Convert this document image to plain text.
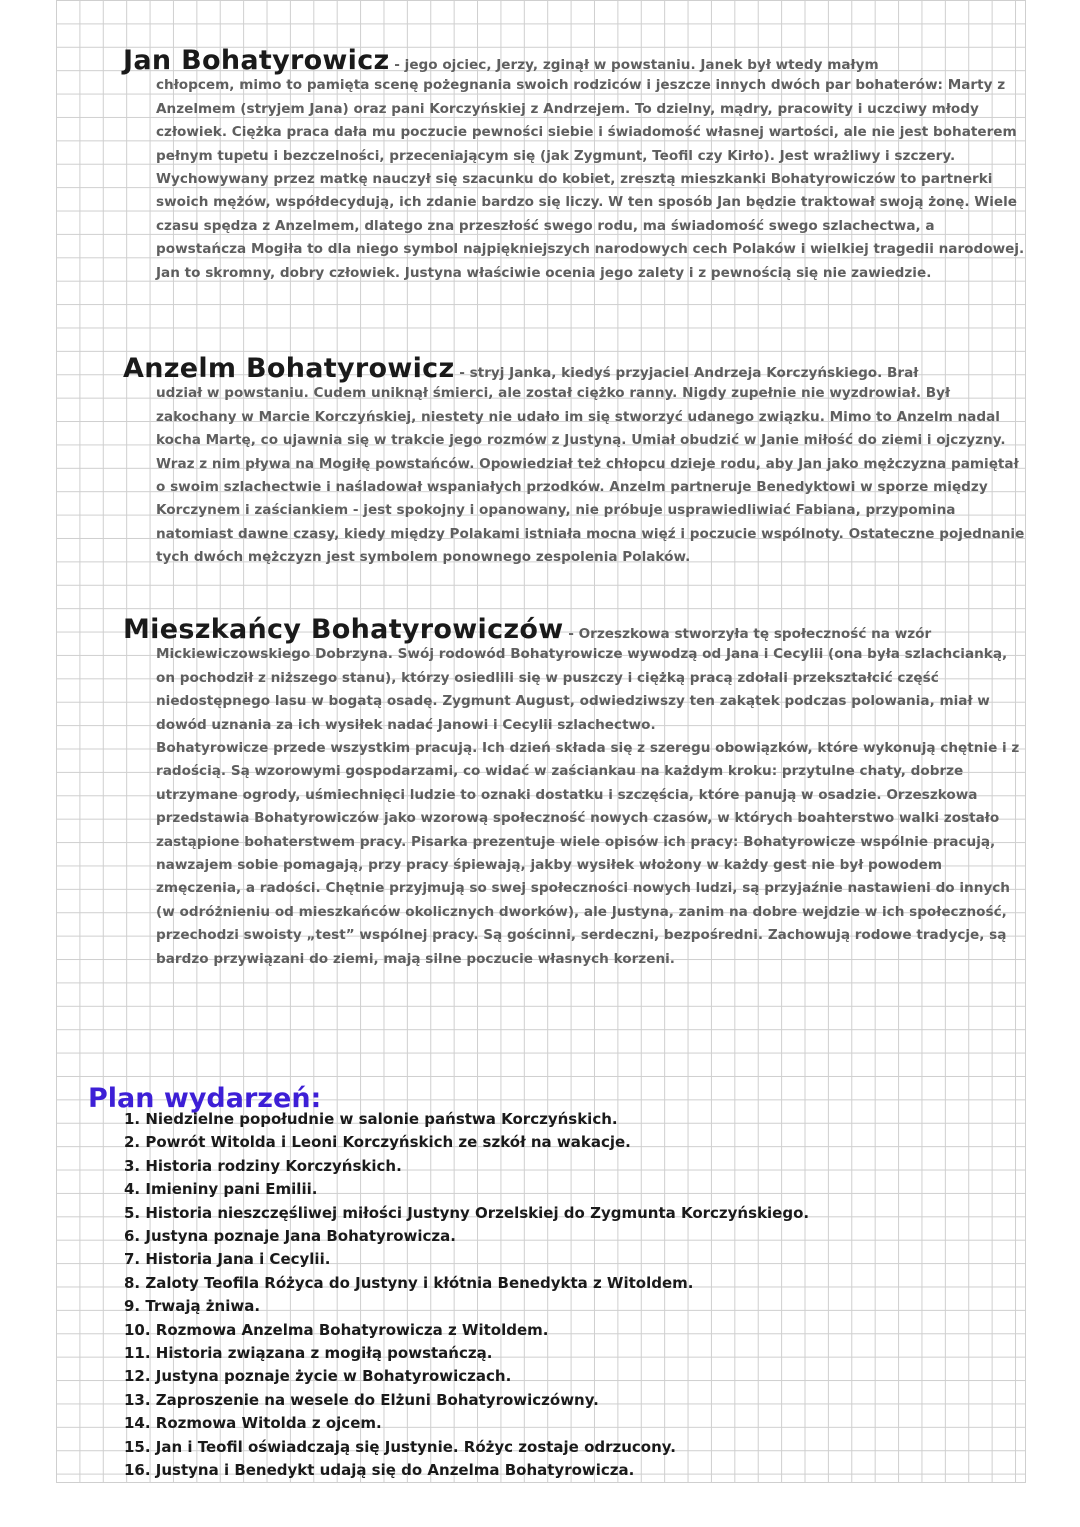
Jan Bohatyrowicz - jego ojciec, Jerzy, zginął w powstaniu. Janek był wtedy małym

chłopcem, mimo to pamięta scenę pożegnania swoich rodziców i jeszcze innych dwóch par bohaterów: Marty z Anzelmem (stryjem Jana) oraz pani Korczyńskiej z Andrzejem. To dzielny, mądry, pracowity i uczciwy młody człowiek. Ciężka praca dała mu poczucie pewności siebie i świadomość własnej wartości, ale nie jest bohaterem pełnym tupetu i bezczelności, przeceniającym się (jak Zygmunt, Teofil czy Kirło). Jest wrażliwy i szczery. Wychowywany przez matkę nauczył się szacunku do kobiet, zresztą mieszkanki Bohatyrowiczów to partnerki swoich mężów, współdecydują, ich zdanie bardzo się liczy. W ten sposób Jan będzie traktował swoją żonę. Wiele czasu spędza z Anzelmem, dlatego zna przeszłość swego rodu, ma świadomość swego szlachectwa, a powstańcza Mogiła to dla niego symbol najpiękniejszych narodowych cech Polaków i wielkiej tragedii narodowej. Jan to skromny, dobry człowiek. Justyna właściwie ocenia jego zalety i z pewnością się nie zawiedzie.

Anzelm Bohatyrowicz - stryj Janka, kiedyś przyjaciel Andrzeja Korczyńskiego. Brał

udział w powstaniu. Cudem uniknął śmierci, ale został ciężko ranny. Nigdy zupełnie nie wyzdrowiał. Był zakochany w Marcie Korczyńskiej, niestety nie udało im się stworzyć udanego związku. Mimo to Anzelm nadal kocha Martę, co ujawnia się w trakcie jego rozmów z Justyną. Umiał obudzić w Janie miłość do ziemi i ojczyzny. Wraz z nim pływa na Mogiłę powstańców. Opowiedział też chłopcu dzieje rodu, aby Jan jako mężczyzna pamiętał o swoim szlachectwie i naśladował wspaniałych przodków. Anzelm partneruje Benedyktowi w sporze między Korczynem i zaściankiem - jest spokojny i opanowany, nie próbuje usprawiedliwiać Fabiana, przypomina natomiast dawne czasy, kiedy między Polakami istniała mocna więź i poczucie wspólnoty. Ostateczne pojednanie tych dwóch mężczyzn jest symbolem ponownego zespolenia Polaków.

Mieszkańcy Bohatyrowiczów - Orzeszkowa stworzyła tę społeczność na wzór

Mickiewiczowskiego Dobrzyna. Swój rodowód Bohatyrowicze wywodzą od Jana i Cecylii (ona była szlachcianką, on pochodził z niższego stanu), którzy osiedlili się w puszczy i ciężką pracą zdołali przekształcić część niedostępnego lasu w bogatą osadę. Zygmunt August, odwiedziwszy ten zakątek podczas polowania, miał w dowód uznania za ich wysiłek nadać Janowi i Cecylii szlachectwo.

Bohatyrowicze przede wszystkim pracują. Ich dzień składa się z szeregu obowiązków, które wykonują chętnie i z radością. Są wzorowymi gospodarzami, co widać w zaściankau na każdym kroku: przytulne chaty, dobrze utrzymane ogrody, uśmiechnięci ludzie to oznaki dostatku i szczęścia, które panują w osadzie. Orzeszkowa przedstawia Bohatyrowiczów jako wzorową społeczność nowych czasów, w których boahterstwo walki zostało zastąpione bohaterstwem pracy. Pisarka prezentuje wiele opisów ich pracy: Bohatyrowicze wspólnie pracują, nawzajem sobie pomagają, przy pracy śpiewają, jakby wysiłek włożony w każdy gest nie był powodem zmęczenia, a radości. Chętnie przyjmują so swej społeczności nowych ludzi, są przyjaźnie nastawieni do innych (w odróżnieniu od mieszkańców okolicznych dworków), ale Justyna, zanim na dobre wejdzie w ich społeczność, przechodzi swoisty „test” wspólnej pracy. Są gościnni, serdeczni, bezpośredni. Zachowują rodowe tradycje, są bardzo przywiązani do ziemi, mają silne poczucie własnych korzeni.

Plan wydarzeń:
1. Niedzielne popołudnie w salonie państwa Korczyńskich.
2. Powrót Witolda i Leoni Korczyńskich ze szkół na wakacje.
3. Historia rodziny Korczyńskich.
4. Imieniny pani Emilii.
5. Historia nieszczęśliwej miłości Justyny Orzelskiej do Zygmunta Korczyńskiego.
6. Justyna poznaje Jana Bohatyrowicza.
7. Historia Jana i Cecylii.
8. Zaloty Teofila Różyca do Justyny i kłótnia Benedykta z Witoldem.
9. Trwają żniwa.
10. Rozmowa Anzelma Bohatyrowicza z Witoldem.
11. Historia związana z mogiłą powstańczą.
12. Justyna poznaje życie w Bohatyrowiczach.
13. Zaproszenie na wesele do Elżuni Bohatyrowiczówny.
14. Rozmowa Witolda z ojcem.
15. Jan i Teofil oświadczają się Justynie. Różyc zostaje odrzucony.
16. Justyna i Benedykt udają się do Anzelma Bohatyrowicza.
